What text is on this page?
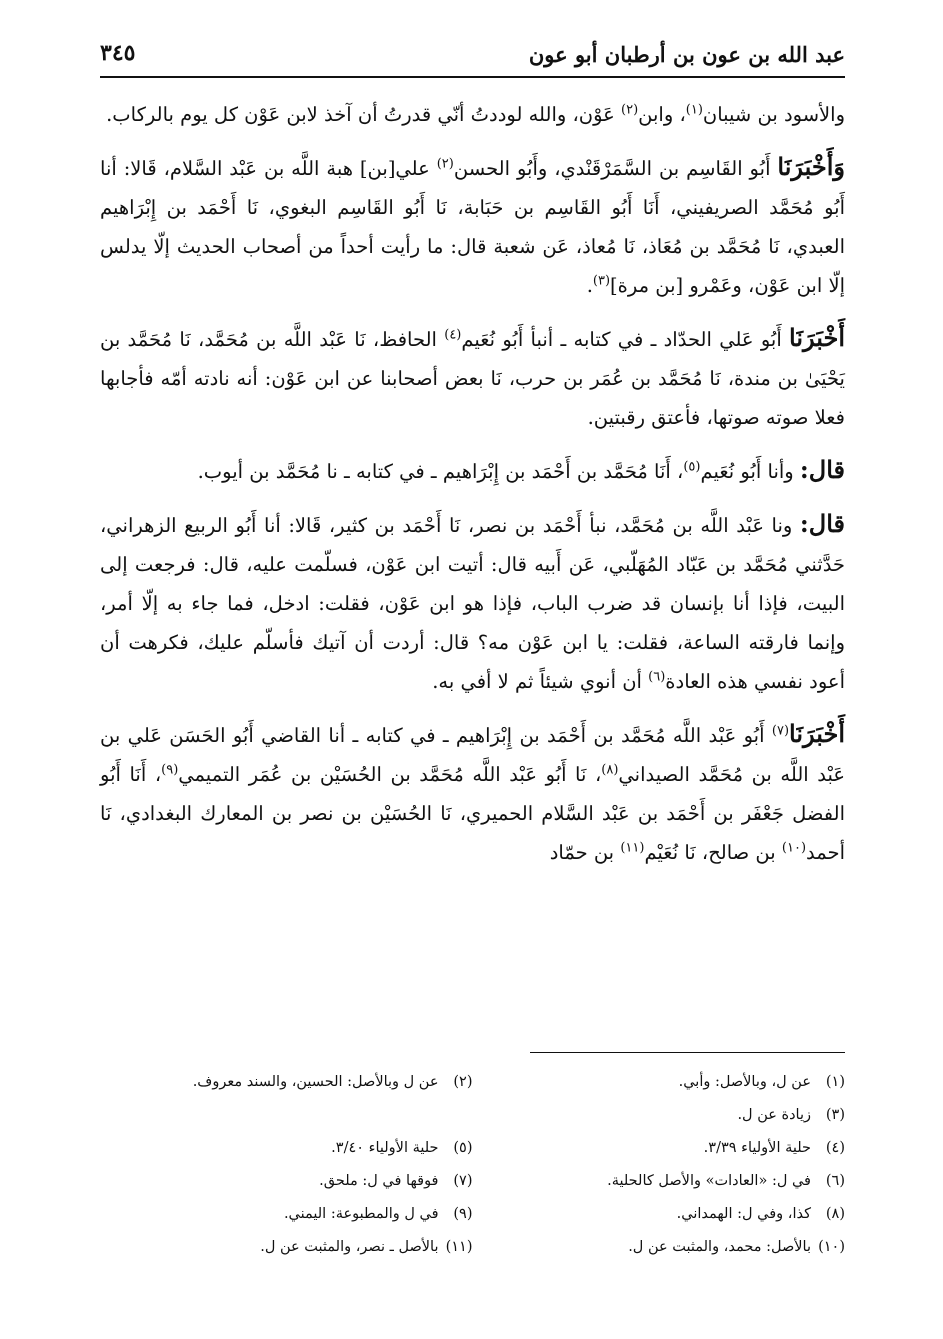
عبد الله بن عون بن أرطبان أبو عون
٣٤٥

والأسود بن شيبان$^{(١)}$، وابن$^{(٢)}$ عَوْن، والله لوددتُ أنّي قدرتُ أن آخذ لابن عَوْن كل يوم بالركاب.

وَأَخْبَرَنَا أَبُو القَاسِم بن السَّمَرْقَنْدي، وأَبُو الحسن$^{(٢)}$ علي[بن] هبة اللَّه بن عَبْد السَّلام، قَالا: أنا أَبُو مُحَمَّد الصريفيني، أَنَا أَبُو القَاسِم بن حَبَابة، نَا أَبُو القَاسِم البغوي، نَا أَحْمَد بن إِبْرَاهيم العبدي، نَا مُحَمَّد بن مُعَاذ، نَا مُعاذ، عَن شعبة قال: ما رأيت أحداً من أصحاب الحديث إلّا يدلس إلّا ابن عَوْن، وعَمْرو [بن مرة]$^{(٣)}$.

أَخْبَرَنَا أَبُو عَلي الحدّاد ـ في كتابه ـ أنبأ أَبُو نُعَيم$^{(٤)}$ الحافظ، نَا عَبْد اللَّه بن مُحَمَّد، نَا مُحَمَّد بن يَحْيَىٰ بن مندة، نَا مُحَمَّد بن عُمَر بن حرب، نَا بعض أصحابنا عن ابن عَوْن: أنه نادته أمّه فأجابها فعلا صوته صوتها، فأعتق رقبتين.

قال: وأنا أَبُو نُعَيم$^{(٥)}$، أَنَا مُحَمَّد بن أَحْمَد بن إِبْرَاهيم ـ في كتابه ـ نا مُحَمَّد بن أيوب.

قال: ونا عَبْد اللَّه بن مُحَمَّد، نبأ أَحْمَد بن نصر، نَا أَحْمَد بن كثير، قَالا: أنا أَبُو الربيع الزهراني، حَدَّثني مُحَمَّد بن عَبّاد المُهَلّبي، عَن أَبيه قال: أتيت ابن عَوْن، فسلّمت عليه، قال: فرجعت إلى البيت، فإذا أنا بإنسان قد ضرب الباب، فإذا هو ابن عَوْن، فقلت: ادخل، فما جاء به إلّا أمر، وإنما فارقته الساعة، فقلت: يا ابن عَوْن مه؟ قال: أردت أن آتيك فأسلّم عليك، فكرهت أن أعود نفسي هذه العادة$^{(٦)}$ أن أنوي شيئاً ثم لا أفي به.

أَخْبَرَنَا$^{(٧)}$ أَبُو عَبْد اللَّه مُحَمَّد بن أَحْمَد بن إِبْرَاهيم ـ في كتابه ـ أنا القاضي أَبُو الحَسَن عَلي بن عَبْد اللَّه بن مُحَمَّد الصيداني$^{(٨)}$، نَا أَبُو عَبْد اللَّه مُحَمَّد بن الحُسَيْن بن عُمَر التميمي$^{(٩)}$، أَنَا أَبُو الفضل جَعْفَر بن أَحْمَد بن عَبْد السَّلام الحميري، نَا الحُسَيْن بن نصر بن المعارك البغدادي، نَا أحمد$^{(١٠)}$ بن صالح، نَا نُعَيْم$^{(١١)}$ بن حمّاد

(١)عن ل، وبالأصل: وأبي.
(٢)عن ل وبالأصل: الحسين، والسند معروف.
(٣)زيادة عن ل.
(٤)حلية الأولياء ٣/٣٩.
(٥)حلية الأولياء ٣/٤٠.
(٦)في ل: «العادات» والأصل كالحلية.
(٧)فوقها في ل: ملحق.
(٨)كذا، وفي ل: الهمداني.
(٩)في ل والمطبوعة: اليمني.
(١٠)بالأصل: محمد، والمثبت عن ل.
(١١)بالأصل ـ نصر، والمثبت عن ل.
